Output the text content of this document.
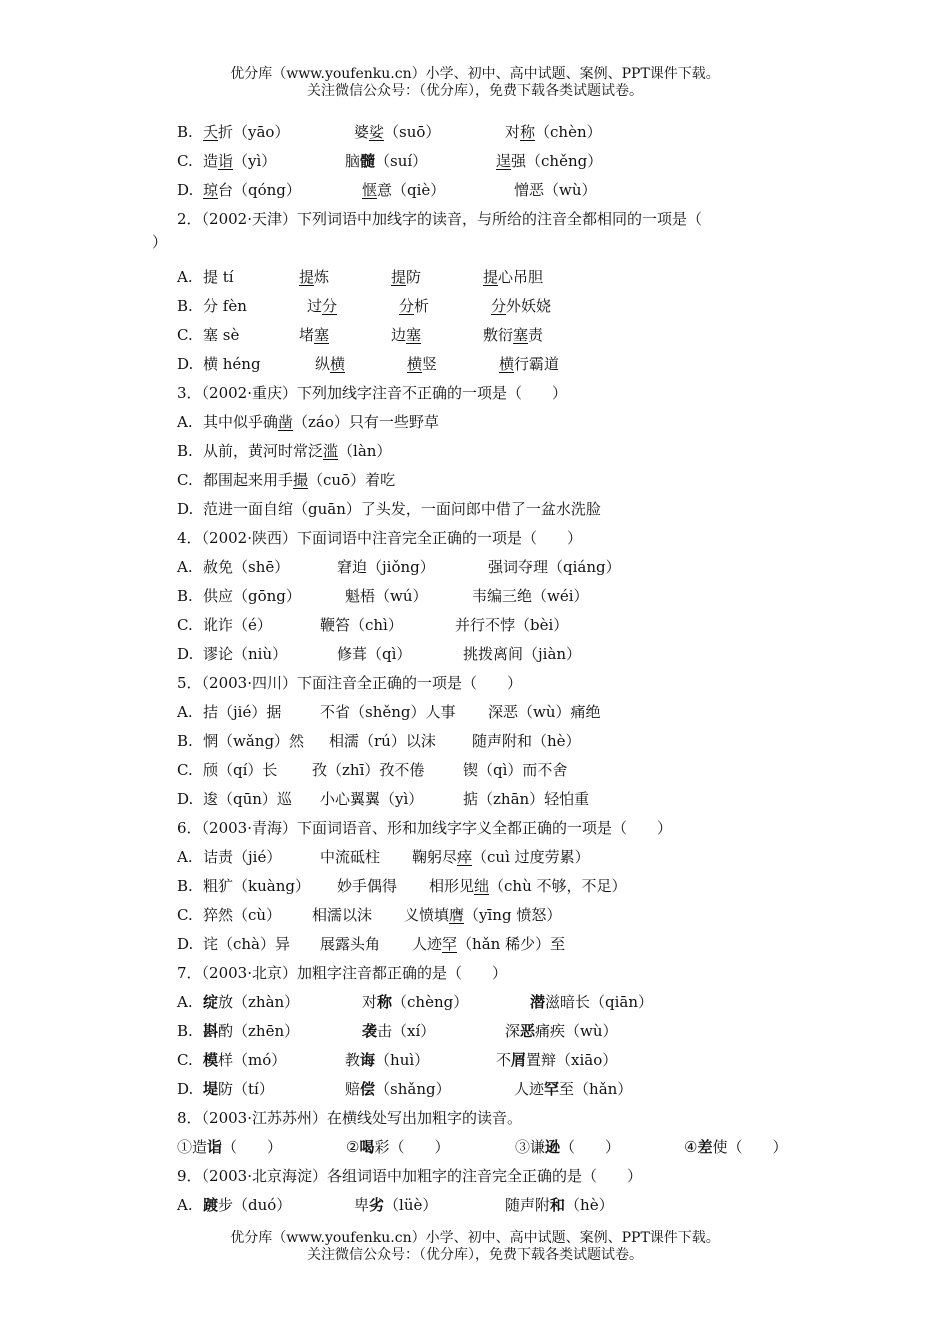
优分库（www.youfenku.cn）小学、初中、高中试题、案例、PPT课件下载。
关注微信公众号：（优分库），免费下载各类试题试卷。
B. 夭折（yāo）	婆娑（suō）	对称（chèn）
C. 造诣（yì）	脑髓（suí）	逞强（chěng）
D. 琼台（qóng）	惬意（qiè）	憎恶（wù）
2．（2002·天津）下列词语中加线字的读音，与所给的注音全都相同的一项是（
）
A. 提 tí	提炼	提防	提心吊胆
B. 分 fèn	过分	分析	分外妖娆
C. 塞 sè	堵塞	边塞	敷衍塞责
D. 横 héng	纵横	横竖	横行霸道
3．（2002·重庆）下列加线字注音不正确的一项是（　　）
A. 其中似乎确凿（záo）只有一些野草
B. 从前，黄河时常泛滥（làn）
C. 都围起来用手撮（cuō）着吃
D. 范进一面自绾（guān）了头发，一面问郎中借了一盆水洗脸
4．（2002·陕西）下面词语中注音完全正确的一项是（　　）
A. 赦免（shē）	窘迫（jiǒng）	强词夺理（qiáng）
B. 供应（gōng）	魁梧（wú）	韦编三绝（wéi）
C. 讹诈（é）	鞭笞（chì）	并行不悖（bèi）
D. 谬论（niù）	修葺（qì）	挑拨离间（jiàn）
5．（2003·四川）下面注音全正确的一项是（　　）
A. 拮（jié）据	不省（shěng）人事 深恶（wù）痛绝
B. 惘（wǎng）然 相濡（rú）以沫 随声附和（hè）
C. 颀（qí）长 孜（zhī）孜不倦	锲（qì）而不舍
D. 逡（qūn）巡 小心翼翼（yì）	掂（zhān）轻怕重
6．（2003·青海）下面词语音、形和加线字字义全都正确的一项是（　　）
A. 诘责（jié）	中流砥柱 鞠躬尽瘁（cuì 过度劳累）
B. 粗犷（kuàng） 妙手偶得 相形见绌（chù 不够，不足）
C. 猝然（cù） 相濡以沫 义愤填膺（yīng 愤怒）
D. 诧（chà）异 展露头角 人迹罕（hǎn 稀少）至
7．（2003·北京）加粗字注音都正确的是（　　）
A. 绽放（zhàn）	对称（chèng）	潜滋暗长（qiān）
B. 斟酌（zhēn）	袭击（xí）	深恶痛疾（wù）
C. 模样（mó）	教诲（huì）	不屑置辩（xiāo）
D. 堤防（tí）	赔偿（shǎng）	人迹罕至（hǎn）
8．（2003·江苏苏州）在横线处写出加粗字的读音。
①造诣（　　）	②喝彩（　　）	③谦逊（　　）	④差使（　　）
9．（2003·北京海淀）各组词语中加粗字的注音完全正确的是（　　）
A. 踱步（duó）	卑劣（lüè）	随声附和（hè）
优分库（www.youfenku.cn）小学、初中、高中试题、案例、PPT课件下载。
关注微信公众号：（优分库），免费下载各类试题试卷。
